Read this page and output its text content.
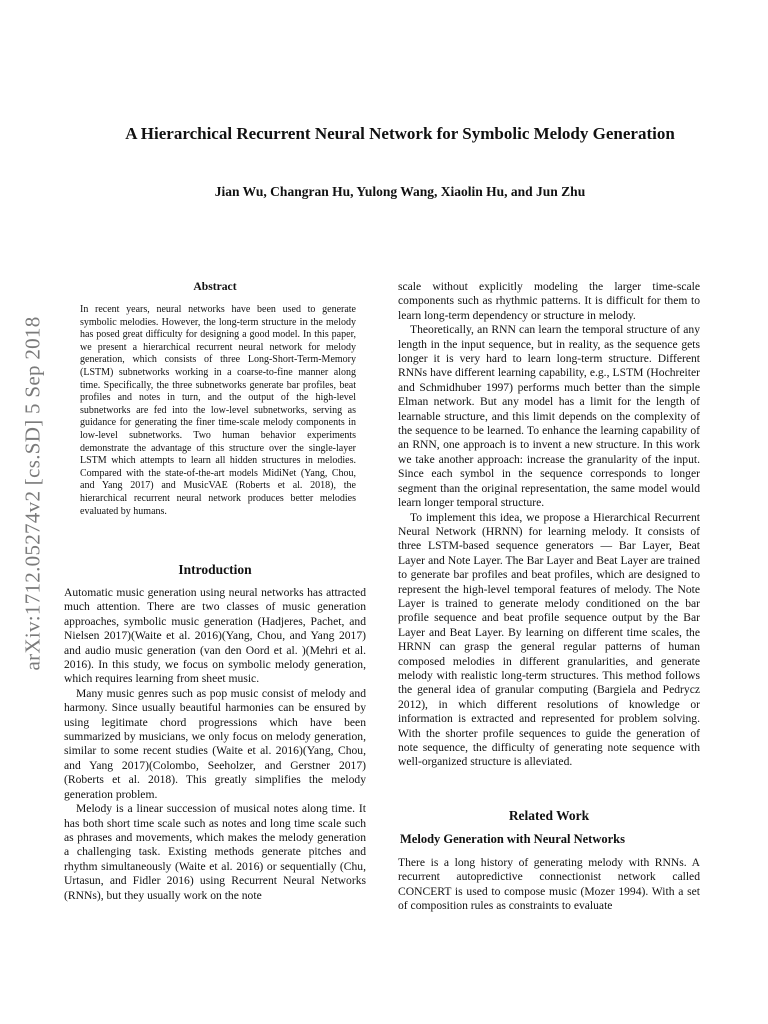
arXiv:1712.05274v2 [cs.SD] 5 Sep 2018
A Hierarchical Recurrent Neural Network for Symbolic Melody Generation
Jian Wu, Changran Hu, Yulong Wang, Xiaolin Hu, and Jun Zhu
Abstract

In recent years, neural networks have been used to generate symbolic melodies. However, the long-term structure in the melody has posed great difficulty for designing a good model. In this paper, we present a hierarchical recurrent neural network for melody generation, which consists of three Long-Short-Term-Memory (LSTM) subnetworks working in a coarse-to-fine manner along time. Specifically, the three subnetworks generate bar profiles, beat profiles and notes in turn, and the output of the high-level subnetworks are fed into the low-level subnetworks, serving as guidance for generating the finer time-scale melody components in low-level subnetworks. Two human behavior experiments demonstrate the advantage of this structure over the single-layer LSTM which attempts to learn all hidden structures in melodies. Compared with the state-of-the-art models MidiNet (Yang, Chou, and Yang 2017) and MusicVAE (Roberts et al. 2018), the hierarchical recurrent neural network produces better melodies evaluated by humans.

Introduction

Automatic music generation using neural networks has attracted much attention. There are two classes of music generation approaches, symbolic music generation (Hadjeres, Pachet, and Nielsen 2017)(Waite et al. 2016)(Yang, Chou, and Yang 2017) and audio music generation (van den Oord et al. )(Mehri et al. 2016). In this study, we focus on symbolic melody generation, which requires learning from sheet music.

Many music genres such as pop music consist of melody and harmony. Since usually beautiful harmonies can be ensured by using legitimate chord progressions which have been summarized by musicians, we only focus on melody generation, similar to some recent studies (Waite et al. 2016)(Yang, Chou, and Yang 2017)(Colombo, Seeholzer, and Gerstner 2017)(Roberts et al. 2018). This greatly simplifies the melody generation problem.

Melody is a linear succession of musical notes along time. It has both short time scale such as notes and long time scale such as phrases and movements, which makes the melody generation a challenging task. Existing methods generate pitches and rhythm simultaneously (Waite et al. 2016) or sequentially (Chu, Urtasun, and Fidler 2016) using Recurrent Neural Networks (RNNs), but they usually work on the note

scale without explicitly modeling the larger time-scale components such as rhythmic patterns. It is difficult for them to learn long-term dependency or structure in melody.

Theoretically, an RNN can learn the temporal structure of any length in the input sequence, but in reality, as the sequence gets longer it is very hard to learn long-term structure. Different RNNs have different learning capability, e.g., LSTM (Hochreiter and Schmidhuber 1997) performs much better than the simple Elman network. But any model has a limit for the length of learnable structure, and this limit depends on the complexity of the sequence to be learned. To enhance the learning capability of an RNN, one approach is to invent a new structure. In this work we take another approach: increase the granularity of the input. Since each symbol in the sequence corresponds to longer segment than the original representation, the same model would learn longer temporal structure.

To implement this idea, we propose a Hierarchical Recurrent Neural Network (HRNN) for learning melody. It consists of three LSTM-based sequence generators — Bar Layer, Beat Layer and Note Layer. The Bar Layer and Beat Layer are trained to generate bar profiles and beat profiles, which are designed to represent the high-level temporal features of melody. The Note Layer is trained to generate melody conditioned on the bar profile sequence and beat profile sequence output by the Bar Layer and Beat Layer. By learning on different time scales, the HRNN can grasp the general regular patterns of human composed melodies in different granularities, and generate melody with realistic long-term structures. This method follows the general idea of granular computing (Bargiela and Pedrycz 2012), in which different resolutions of knowledge or information is extracted and represented for problem solving. With the shorter profile sequences to guide the generation of note sequence, the difficulty of generating note sequence with well-organized structure is alleviated.

Related Work
Melody Generation with Neural Networks

There is a long history of generating melody with RNNs. A recurrent autopredictive connectionist network called CONCERT is used to compose music (Mozer 1994). With a set of composition rules as constraints to evaluate
